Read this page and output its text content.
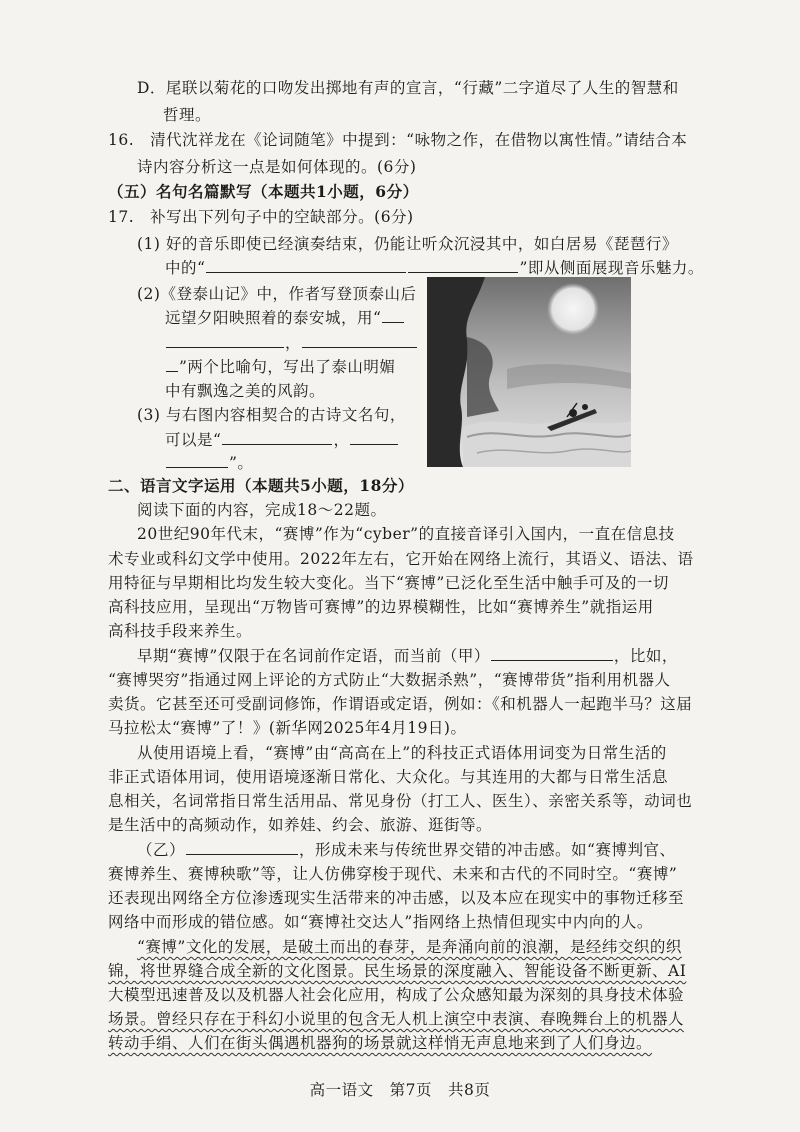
D．尾联以菊花的口吻发出掷地有声的宣言，“行藏”二字道尽了人生的智慧和
哲理。
16.　清代沈祥龙在《论词随笔》中提到：“咏物之作，在借物以寓性情。”请结合本
诗内容分析这一点是如何体现的。(6分)
（五）名句名篇默写（本题共1小题，6分）
17.　补写出下列句子中的空缺部分。(6分)
(1) 好的音乐即使已经演奏结束，仍能让听众沉浸其中，如白居易《琵琶行》
中的“	”即从侧面展现音乐魅力。
(2)《登泰山记》中，作者写登顶泰山后
远望夕阳映照着的泰安城，用“
，
”两个比喻句，写出了泰山明媚
中有飘逸之美的风韵。
(3) 与右图内容相契合的古诗文名句，
可以是“	，
”。
二、语言文字运用（本题共5小题，18分）
阅读下面的内容，完成18～22题。
20世纪90年代末，“赛博”作为“cyber”的直接音译引入国内，一直在信息技
术专业或科幻文学中使用。2022年左右，它开始在网络上流行，其语义、语法、语
用特征与早期相比均发生较大变化。当下“赛博”已泛化至生活中触手可及的一切
高科技应用，呈现出“万物皆可赛博”的边界模糊性，比如“赛博养生”就指运用
高科技手段来养生。
早期“赛博”仅限于在名词前作定语，而当前（甲）	，比如，
“赛博哭穷”指通过网上评论的方式防止“大数据杀熟”，“赛博带货”指利用机器人
卖货。它甚至还可受副词修饰，作谓语或定语，例如：《和机器人一起跑半马？这届
马拉松太“赛博”了！》(新华网2025年4月19日)。
从使用语境上看，“赛博”由“高高在上”的科技正式语体用词变为日常生活的
非正式语体用词，使用语境逐渐日常化、大众化。与其连用的大都与日常生活息
息相关，名词常指日常生活用品、常见身份（打工人、医生）、亲密关系等，动词也
是生活中的高频动作，如养娃、约会、旅游、逛街等。
（乙）	，形成未来与传统世界交错的冲击感。如“赛博判官、
赛博养生、赛博秧歌”等，让人仿佛穿梭于现代、未来和古代的不同时空。“赛博”
还表现出网络全方位渗透现实生活带来的冲击感，以及本应在现实中的事物迁移至
网络中而形成的错位感。如“赛博社交达人”指网络上热情但现实中内向的人。
“赛博”文化的发展，是破土而出的春芽，是奔涌向前的浪潮，是经纬交织的织
锦，将世界缝合成全新的文化图景。民生场景的深度融入、智能设备不断更新、AI
大模型迅速普及以及机器人社会化应用，构成了公众感知最为深刻的具身技术体验
场景。曾经只存在于科幻小说里的包含无人机上演空中表演、春晚舞台上的机器人
转动手绢、人们在街头偶遇机器狗的场景就这样悄无声息地来到了人们身边。
高一语文　第7页　共8页
